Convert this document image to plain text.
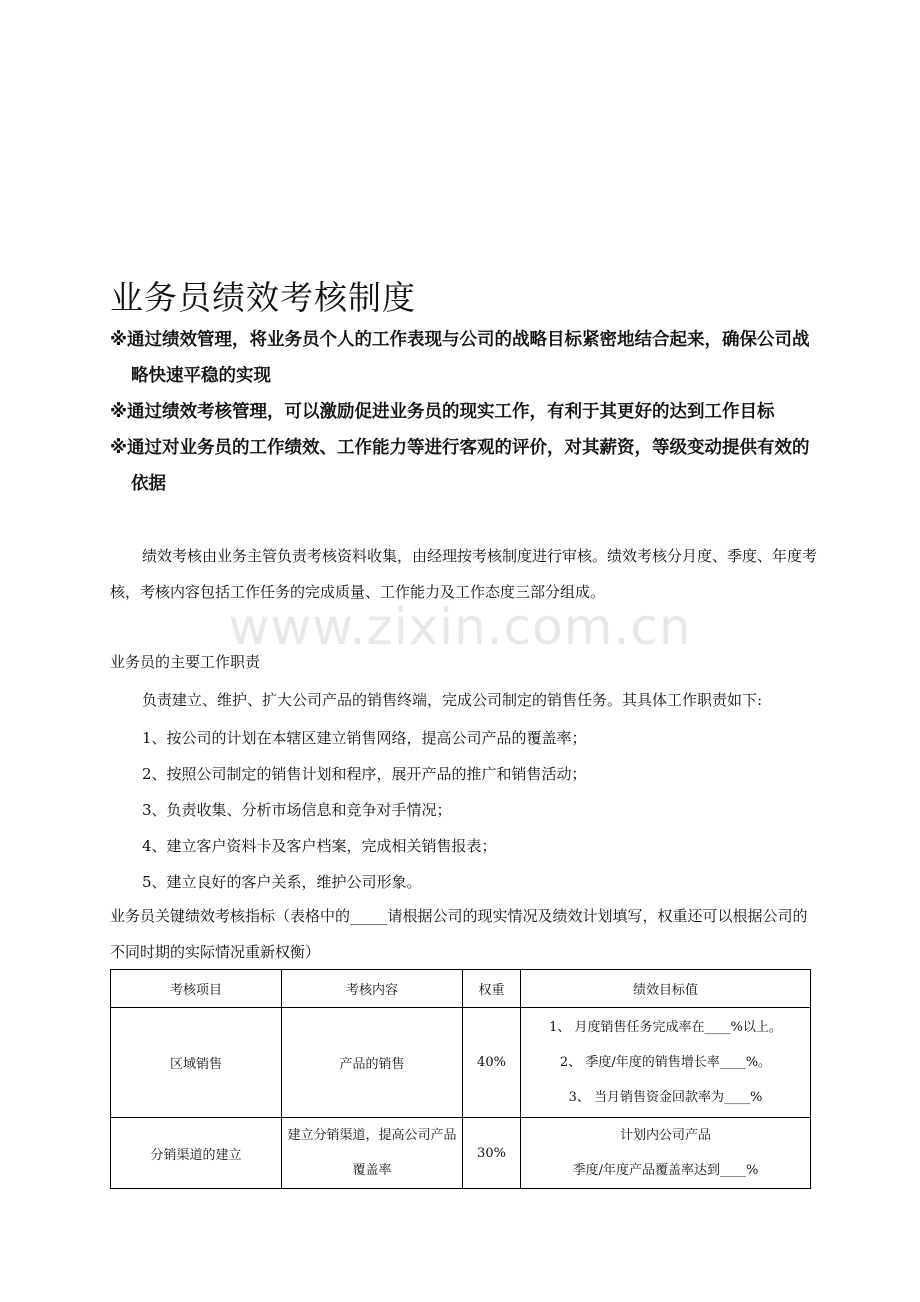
业务员绩效考核制度

※通过绩效管理，将业务员个人的工作表现与公司的战略目标紧密地结合起来，确保公司战略快速平稳的实现

※通过绩效考核管理，可以激励促进业务员的现实工作，有利于其更好的达到工作目标

※通过对业务员的工作绩效、工作能力等进行客观的评价，对其薪资，等级变动提供有效的依据

绩效考核由业务主管负责考核资料收集，由经理按考核制度进行审核。绩效考核分月度、季度、年度考核，考核内容包括工作任务的完成质量、工作能力及工作态度三部分组成。

www.zixin.com.cn

业务员的主要工作职责

负责建立、维护、扩大公司产品的销售终端，完成公司制定的销售任务。其具体工作职责如下:

1、按公司的计划在本辖区建立销售网络，提高公司产品的覆盖率；

2、按照公司制定的销售计划和程序，展开产品的推广和销售活动；

3、负责收集、分析市场信息和竞争对手情况；

4、建立客户资料卡及客户档案，完成相关销售报表；

5、建立良好的客户关系，维护公司形象。

业务员关键绩效考核指标（表格中的_____请根据公司的现实情况及绩效计划填写，权重还可以根据公司的不同时期的实际情况重新权衡）

考核项目	考核内容	权重	绩效目标值
区域销售	产品的销售	40%	1、 月度销售任务完成率在____%以上。
2、 季度/年度的销售增长率____%。
3、 当月销售资金回款率为____%

分销渠道的建立	建立分销渠道，提高公司产品覆盖率	30%	计划内公司产品
季度/年度产品覆盖率达到____%
